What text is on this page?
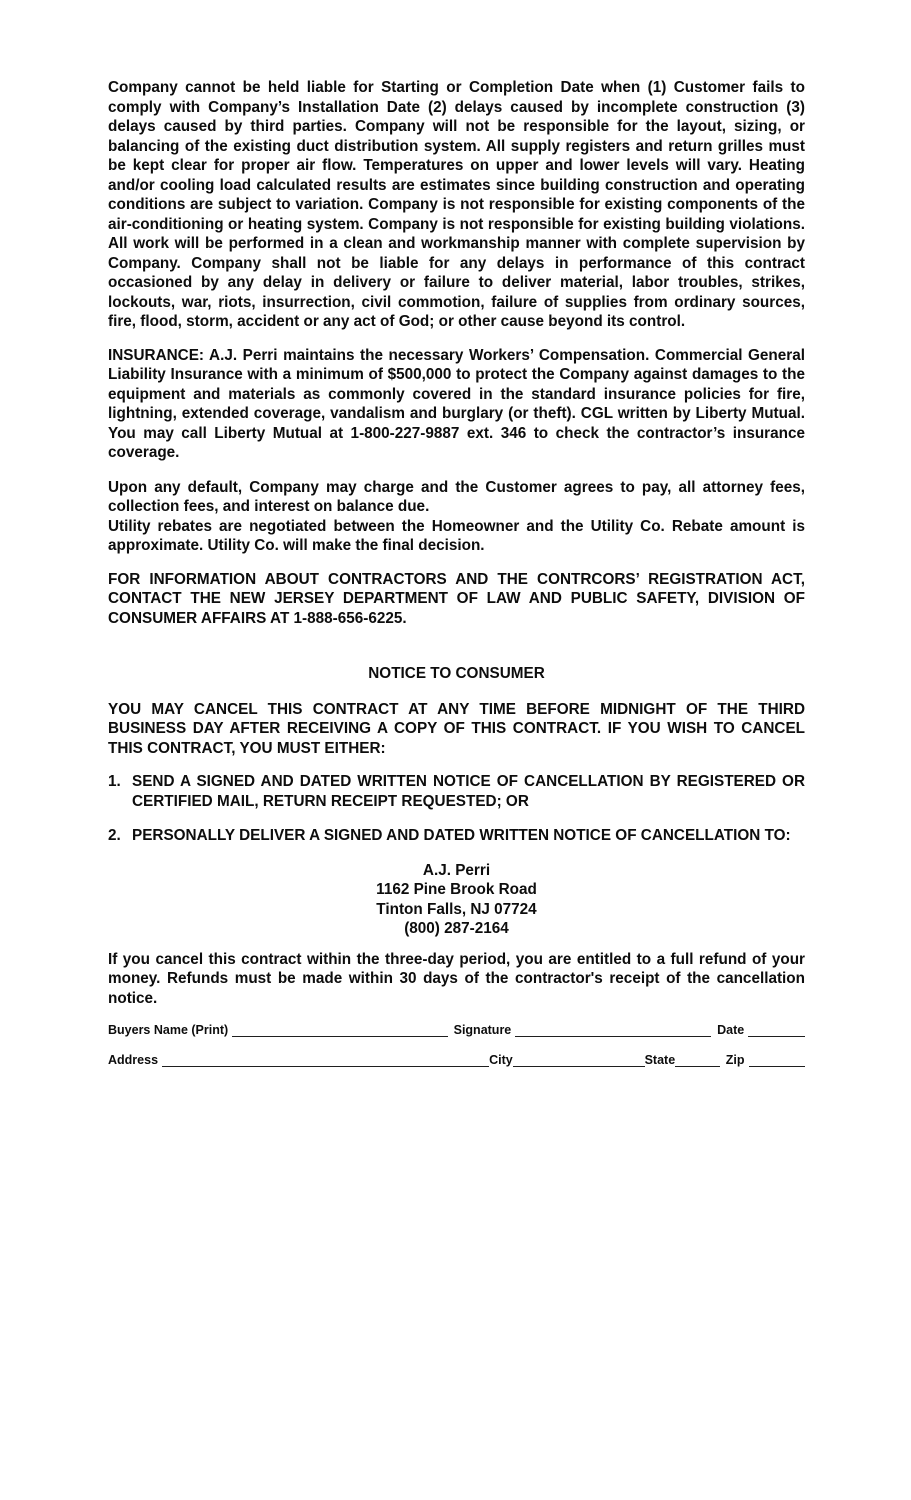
Company cannot be held liable for Starting or Completion Date when (1) Customer fails to comply with Company’s Installation Date (2) delays caused by incomplete construction (3) delays caused by third parties. Company will not be responsible for the layout, sizing, or balancing of the existing duct distribution system. All supply registers and return grilles must be kept clear for proper air flow. Temperatures on upper and lower levels will vary. Heating and/or cooling load calculated results are estimates since building construction and operating conditions are subject to variation. Company is not responsible for existing components of the air-conditioning or heating system. Company is not responsible for existing building violations. All work will be performed in a clean and workmanship manner with complete supervision by Company. Company shall not be liable for any delays in performance of this contract occasioned by any delay in delivery or failure to deliver material, labor troubles, strikes, lockouts, war, riots, insurrection, civil commotion, failure of supplies from ordinary sources, fire, flood, storm, accident or any act of God; or other cause beyond its control.

INSURANCE: A.J. Perri maintains the necessary Workers’ Compensation. Commercial General Liability Insurance with a minimum of $500,000 to protect the Company against damages to the equipment and materials as commonly covered in the standard insurance policies for fire, lightning, extended coverage, vandalism and burglary (or theft). CGL written by Liberty Mutual. You may call Liberty Mutual at 1-800-227-9887 ext. 346 to check the contractor’s insurance coverage.

Upon any default, Company may charge and the Customer agrees to pay, all attorney fees, collection fees, and interest on balance due.

Utility rebates are negotiated between the Homeowner and the Utility Co. Rebate amount is approximate. Utility Co. will make the final decision.

FOR INFORMATION ABOUT CONTRACTORS AND THE CONTRCORS’ REGISTRATION ACT, CONTACT THE NEW JERSEY DEPARTMENT OF LAW AND PUBLIC SAFETY, DIVISION OF CONSUMER AFFAIRS AT 1-888-656-6225.

NOTICE TO CONSUMER

YOU MAY CANCEL THIS CONTRACT AT ANY TIME BEFORE MIDNIGHT OF THE THIRD BUSINESS DAY AFTER RECEIVING A COPY OF THIS CONTRACT. IF YOU WISH TO CANCEL THIS CONTRACT, YOU MUST EITHER:

1. SEND A SIGNED AND DATED WRITTEN NOTICE OF CANCELLATION BY REGISTERED OR CERTIFIED MAIL, RETURN RECEIPT REQUESTED; OR
2. PERSONALLY DELIVER A SIGNED AND DATED WRITTEN NOTICE OF CANCELLATION TO:
A.J. Perri
1162 Pine Brook Road
Tinton Falls, NJ 07724
(800) 287-2164

If you cancel this contract within the three-day period, you are entitled to a full refund of your money. Refunds must be made within 30 days of the contractor's receipt of the cancellation notice.

Buyers Name (Print)	Signature	Date
Address	City	State	Zip
